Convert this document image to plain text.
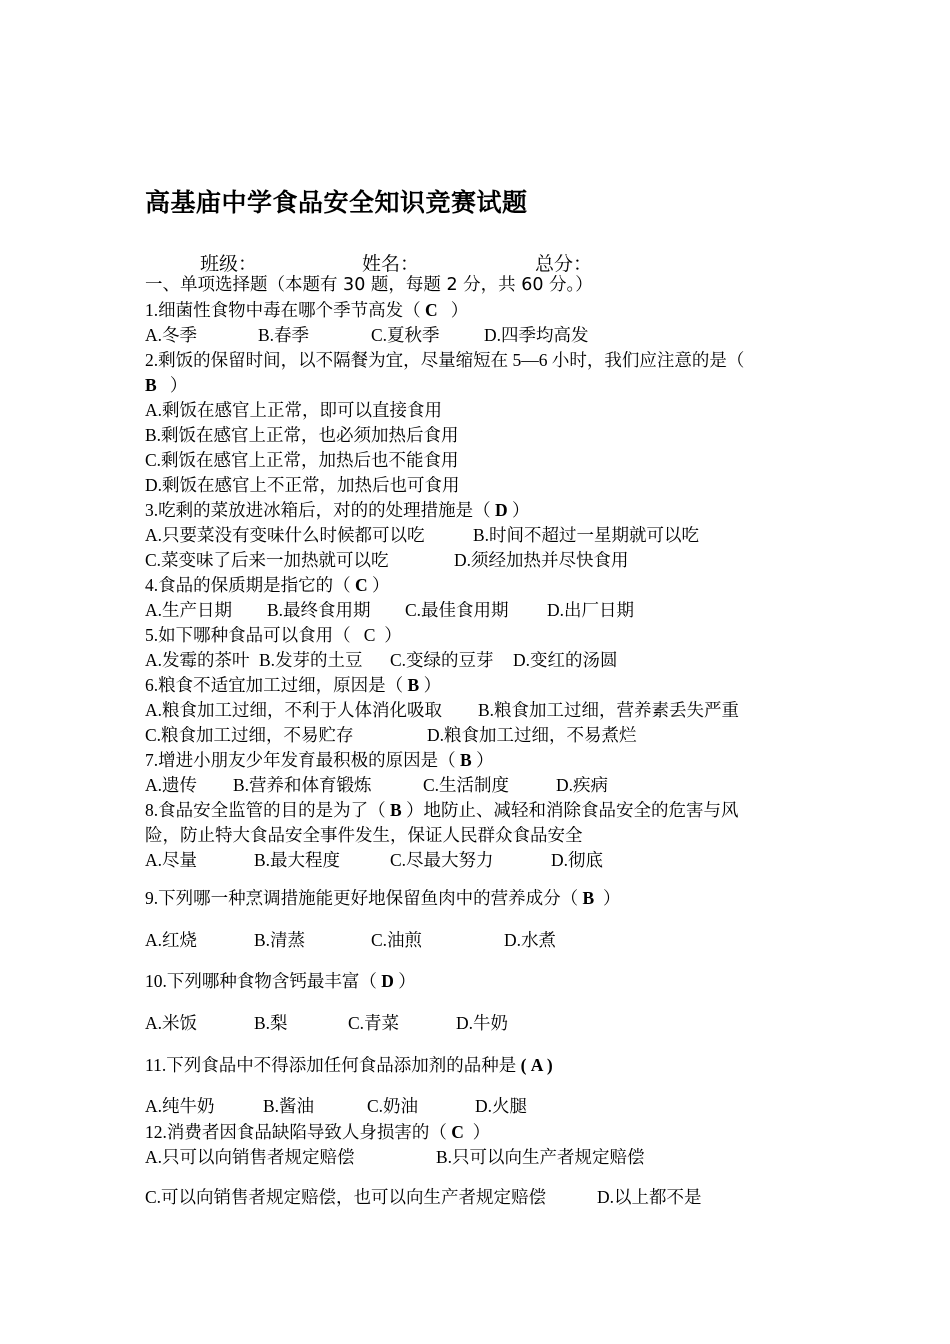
高基庙中学食品安全知识竞赛试题
班级：	姓名：	总分：
一、单项选择题（本题有 30 题，每题 2 分，共 60 分。）
1.细菌性食物中毒在哪个季节高发（ C   ）
A.冬季	B.春季	C.夏秋季	D.四季均高发
2.剩饭的保留时间，以不隔餐为宜，尽量缩短在 5—6 小时，我们应注意的是（
B   ）
A.剩饭在感官上正常，即可以直接食用
B.剩饭在感官上正常，也必须加热后食用
C.剩饭在感官上正常，加热后也不能食用
D.剩饭在感官上不正常，加热后也可食用
3.吃剩的菜放进冰箱后，对的的处理措施是（ D ）
A.只要菜没有变味什么时候都可以吃	B.时间不超过一星期就可以吃
C.菜变味了后来一加热就可以吃	D.须经加热并尽快食用
4.食品的保质期是指它的（ C ）
A.生产日期 B.最终食用期 C.最佳食用期 D.出厂日期
5.如下哪种食品可以食用（   C  ）
A.发霉的茶叶 B.发芽的土豆 C.变绿的豆芽 D.变红的汤圆
6.粮食不适宜加工过细，原因是（ B ）
A.粮食加工过细，不利于人体消化吸取 B.粮食加工过细，营养素丢失严重
C.粮食加工过细，不易贮存	D.粮食加工过细，不易煮烂
7.增进小朋友少年发育最积极的原因是（ B ）
A.遗传 B.营养和体育锻炼	C.生活制度	D.疾病
8.食品安全监管的目的是为了（ B ）地防止、减轻和消除食品安全的危害与风
险，防止特大食品安全事件发生，保证人民群众食品安全
A.尽量	B.最大程度	C.尽最大努力	D.彻底
9.下列哪一种烹调措施能更好地保留鱼肉中的营养成分（ B  ）
A.红烧	B.清蒸	C.油煎	D.水煮
10.下列哪种食物含钙最丰富（ D ）
A.米饭	B.梨	C.青菜	D.牛奶
11.下列食品中不得添加任何食品添加剂的品种是 ( A )
A.纯牛奶	B.酱油	C.奶油	D.火腿
12.消费者因食品缺陷导致人身损害的（ C  ）
A.只可以向销售者规定赔偿	B.只可以向生产者规定赔偿
C.可以向销售者规定赔偿，也可以向生产者规定赔偿	D.以上都不是
